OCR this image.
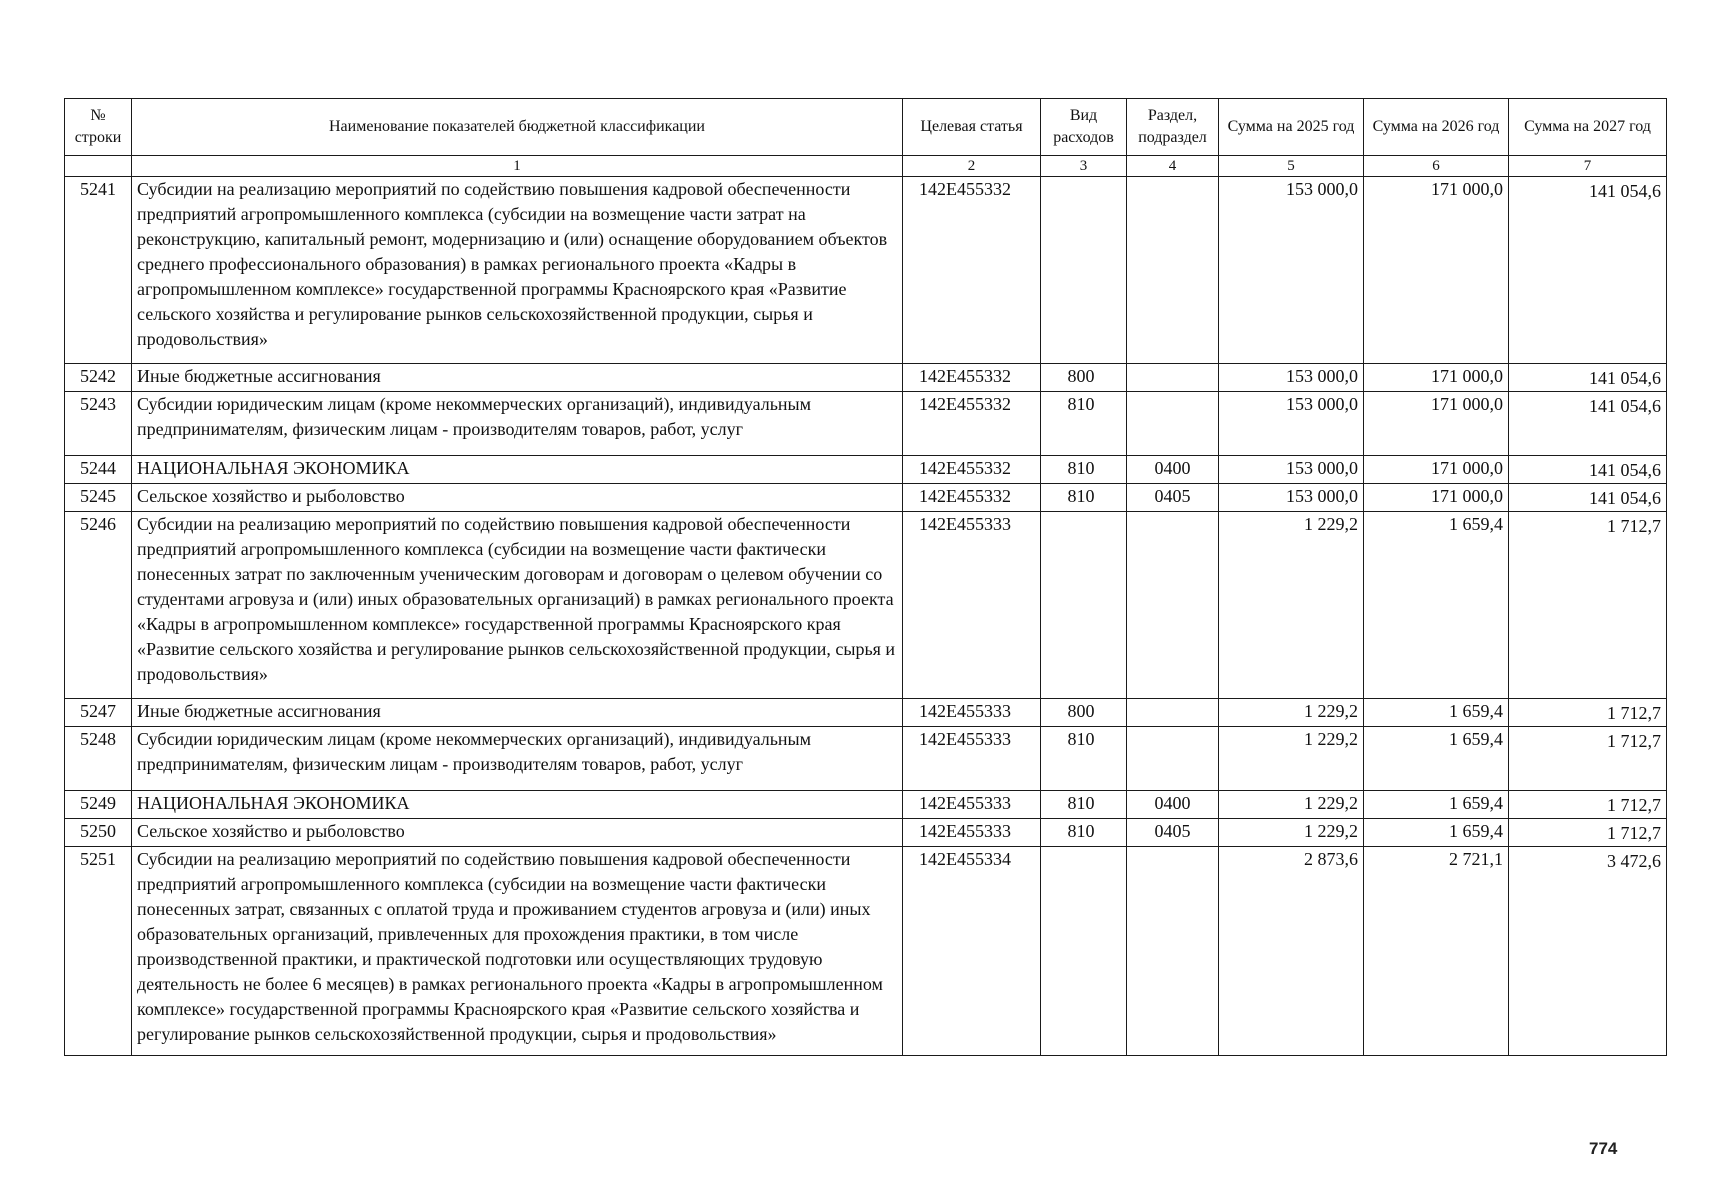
№ строки	Наименование показателей бюджетной классификации	Целевая статья	Вид расходов	Раздел, подраздел	Сумма на 2025 год	Сумма на 2026 год	Сумма на 2027 год
	1	2	3	4	5	6	7
5241	Субсидии на реализацию мероприятий по содействию повышения кадровой обеспеченности предприятий агропромышленного комплекса (субсидии на возмещение части затрат на реконструкцию, капитальный ремонт, модернизацию и (или) оснащение оборудованием объектов среднего профессионального образования) в рамках регионального проекта «Кадры в агропромышленном комплексе» государственной программы Красноярского края «Развитие сельского хозяйства и регулирование рынков сельскохозяйственной продукции, сырья и продовольствия»	142Е455332			153 000,0	171 000,0	141 054,6
5242	Иные бюджетные ассигнования	142Е455332	800		153 000,0	171 000,0	141 054,6
5243	Субсидии юридическим лицам (кроме некоммерческих организаций), индивидуальным предпринимателям, физическим лицам - производителям товаров, работ, услуг	142Е455332	810		153 000,0	171 000,0	141 054,6
5244	НАЦИОНАЛЬНАЯ ЭКОНОМИКА	142Е455332	810	0400	153 000,0	171 000,0	141 054,6
5245	Сельское хозяйство и рыболовство	142Е455332	810	0405	153 000,0	171 000,0	141 054,6
5246	Субсидии на реализацию мероприятий по содействию повышения кадровой обеспеченности предприятий агропромышленного комплекса (субсидии на возмещение части фактически понесенных затрат по заключенным ученическим договорам и договорам о целевом обучении со студентами агровуза и (или) иных образовательных организаций) в рамках регионального проекта «Кадры в агропромышленном комплексе» государственной программы Красноярского края «Развитие сельского хозяйства и регулирование рынков сельскохозяйственной продукции, сырья и продовольствия»	142Е455333			1 229,2	1 659,4	1 712,7
5247	Иные бюджетные ассигнования	142Е455333	800		1 229,2	1 659,4	1 712,7
5248	Субсидии юридическим лицам (кроме некоммерческих организаций), индивидуальным предпринимателям, физическим лицам - производителям товаров, работ, услуг	142Е455333	810		1 229,2	1 659,4	1 712,7
5249	НАЦИОНАЛЬНАЯ ЭКОНОМИКА	142Е455333	810	0400	1 229,2	1 659,4	1 712,7
5250	Сельское хозяйство и рыболовство	142Е455333	810	0405	1 229,2	1 659,4	1 712,7
5251	Субсидии на реализацию мероприятий по содействию повышения кадровой обеспеченности предприятий агропромышленного комплекса (субсидии на возмещение части фактически понесенных затрат, связанных с оплатой труда и проживанием студентов агровуза и (или) иных образовательных организаций, привлеченных для прохождения практики, в том числе производственной практики, и практической подготовки или осуществляющих трудовую деятельность не более 6 месяцев) в рамках регионального проекта «Кадры в агропромышленном комплексе» государственной программы Красноярского края «Развитие сельского хозяйства и регулирование рынков сельскохозяйственной продукции, сырья и продовольствия»	142Е455334			2 873,6	2 721,1	3 472,6
774
